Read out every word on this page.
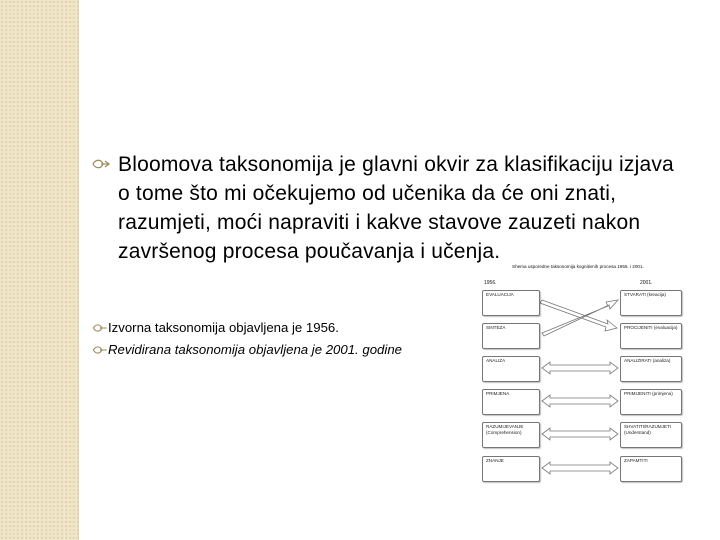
Bloomova taksonomija je glavni okvir za klasifikaciju izjava o tome što mi očekujemo od učenika da će oni znati, razumjeti, moći napraviti i kakve stavove zauzeti nakon završenog procesa poučavanja i učenja.
Izvorna taksonomija objavljena je 1956.
Revidirana taksonomija objavljena je 2001. godine
Shema usporedne taksonomija kognitivnih procesa 1956. i 2001.
1956.	2001.
EVALUACIJA
SINTEZA
ANALIZA
PRIMJENA
RAZUMIJEVANJE (Comprehension)
ZNANJE
STVARATI (kreacija)
PROCIJENITI (evaluacija)
ANALIZIRATI (analiza)
PRIMIJENITI (primjena)
SHVATITI/RAZUMJETI (Understand)
ZAPAMTITI
